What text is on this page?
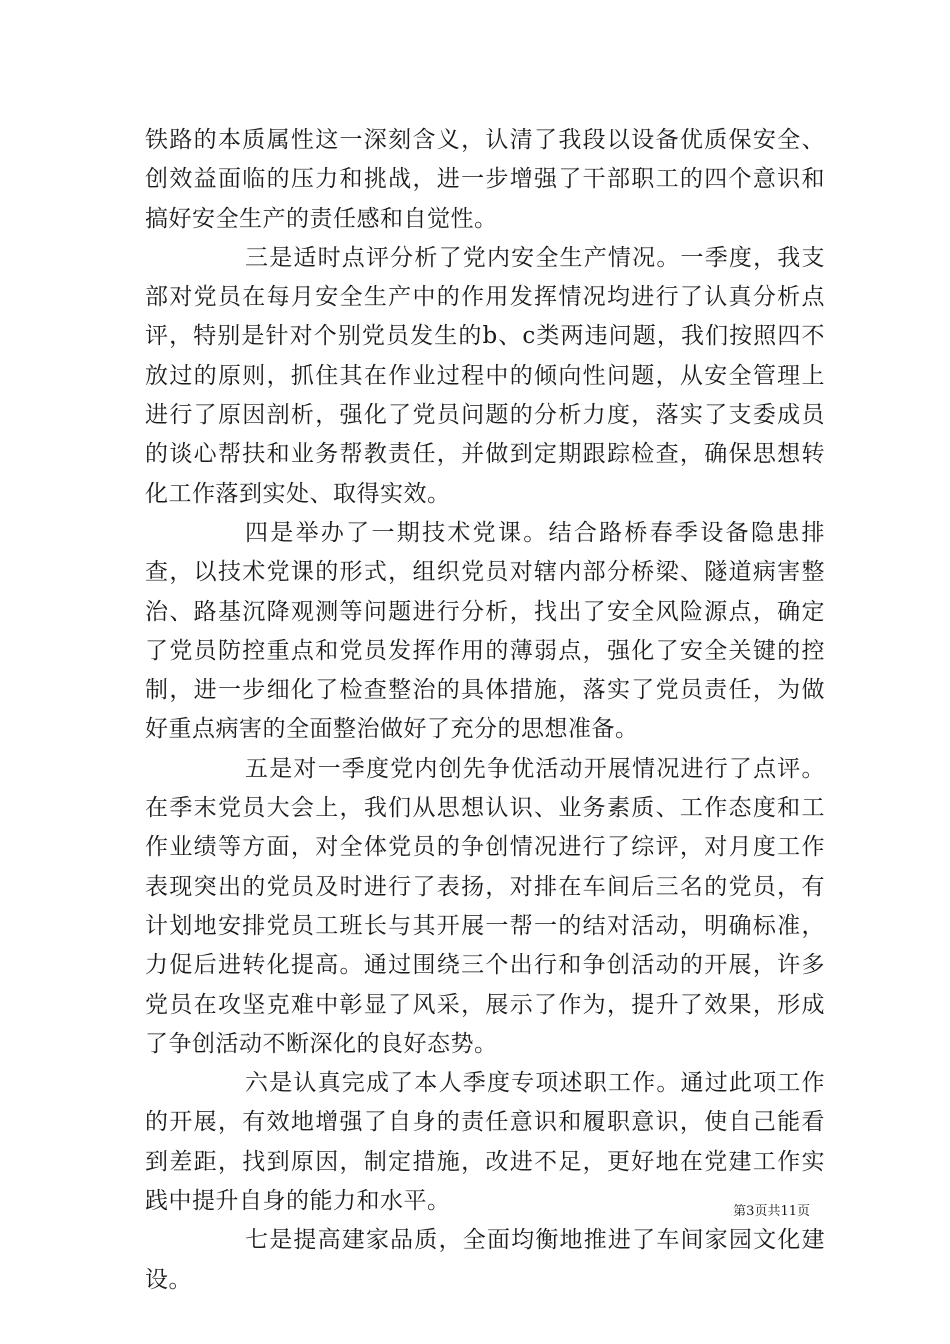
铁路的本质属性这一深刻含义，认清了我段以设备优质保安全、创效益面临的压力和挑战，进一步增强了干部职工的四个意识和搞好安全生产的责任感和自觉性。

三是适时点评分析了党内安全生产情况。一季度，我支部对党员在每月安全生产中的作用发挥情况均进行了认真分析点评，特别是针对个别党员发生的b、c类两违问题，我们按照四不放过的原则，抓住其在作业过程中的倾向性问题，从安全管理上进行了原因剖析，强化了党员问题的分析力度，落实了支委成员的谈心帮扶和业务帮教责任，并做到定期跟踪检查，确保思想转化工作落到实处、取得实效。

四是举办了一期技术党课。结合路桥春季设备隐患排查，以技术党课的形式，组织党员对辖内部分桥梁、隧道病害整治、路基沉降观测等问题进行分析，找出了安全风险源点，确定了党员防控重点和党员发挥作用的薄弱点，强化了安全关键的控制，进一步细化了检查整治的具体措施，落实了党员责任，为做好重点病害的全面整治做好了充分的思想准备。

五是对一季度党内创先争优活动开展情况进行了点评。在季末党员大会上，我们从思想认识、业务素质、工作态度和工作业绩等方面，对全体党员的争创情况进行了综评，对月度工作表现突出的党员及时进行了表扬，对排在车间后三名的党员，有计划地安排党员工班长与其开展一帮一的结对活动，明确标准，力促后进转化提高。通过围绕三个出行和争创活动的开展，许多党员在攻坚克难中彰显了风采，展示了作为，提升了效果，形成了争创活动不断深化的良好态势。

六是认真完成了本人季度专项述职工作。通过此项工作的开展，有效地增强了自身的责任意识和履职意识，使自己能看到差距，找到原因，制定措施，改进不足，更好地在党建工作实践中提升自身的能力和水平。

七是提高建家品质，全面均衡地推进了车间家园文化建设。

第3页共11页
